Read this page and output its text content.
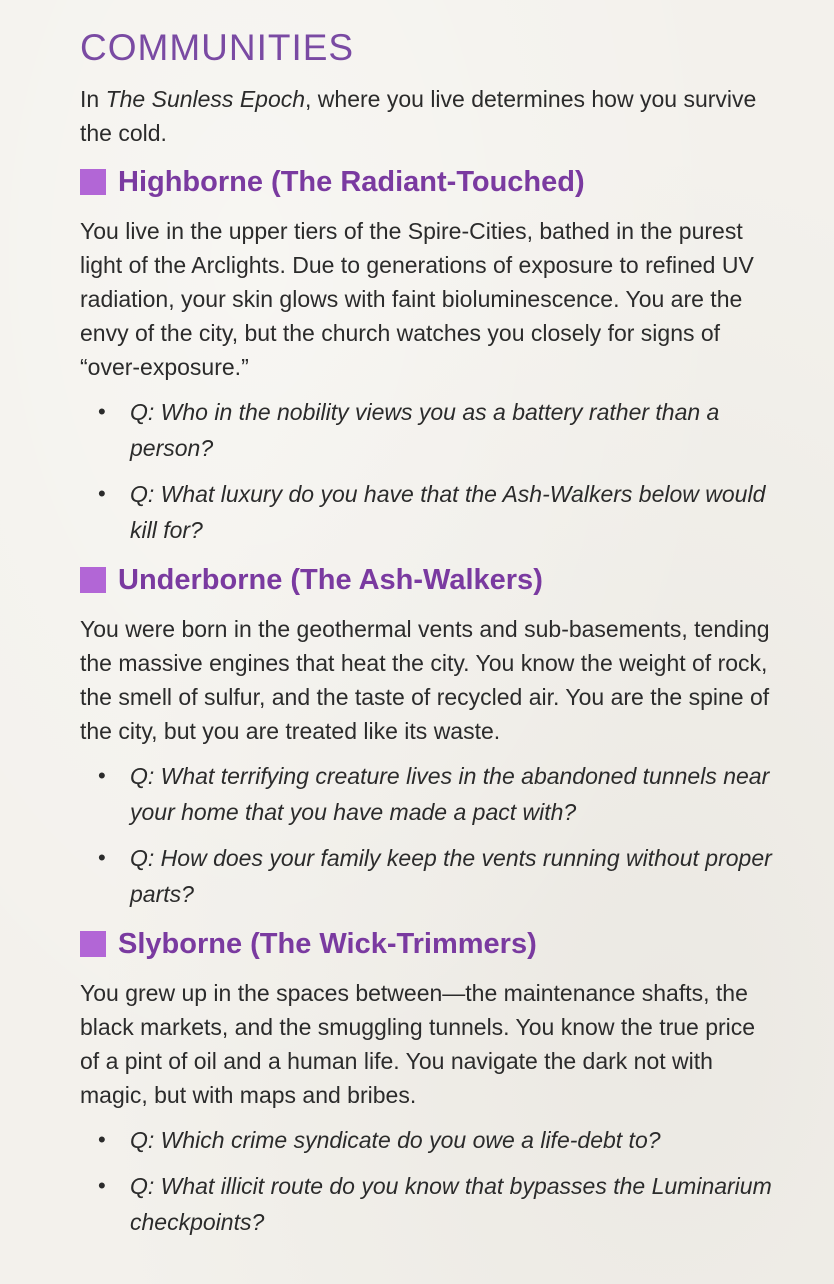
COMMUNITIES

In The Sunless Epoch, where you live determines how you survive the cold.

Highborne (The Radiant-Touched)

You live in the upper tiers of the Spire-Cities, bathed in the purest light of the Arclights. Due to generations of exposure to refined UV radiation, your skin glows with faint bioluminescence. You are the envy of the city, but the church watches you closely for signs of “over-exposure.”

• Q: Who in the nobility views you as a battery rather than a person?
• Q: What luxury do you have that the Ash-Walkers below would kill for?
Underborne (The Ash-Walkers)

You were born in the geothermal vents and sub-basements, tending the massive engines that heat the city. You know the weight of rock, the smell of sulfur, and the taste of recycled air. You are the spine of the city, but you are treated like its waste.

• Q: What terrifying creature lives in the abandoned tunnels near your home that you have made a pact with?
• Q: How does your family keep the vents running without proper parts?
Slyborne (The Wick-Trimmers)

You grew up in the spaces between—the maintenance shafts, the black markets, and the smuggling tunnels. You know the true price of a pint of oil and a human life. You navigate the dark not with magic, but with maps and bribes.

• Q: Which crime syndicate do you owe a life-debt to?
• Q: What illicit route do you know that bypasses the Luminarium checkpoints?
